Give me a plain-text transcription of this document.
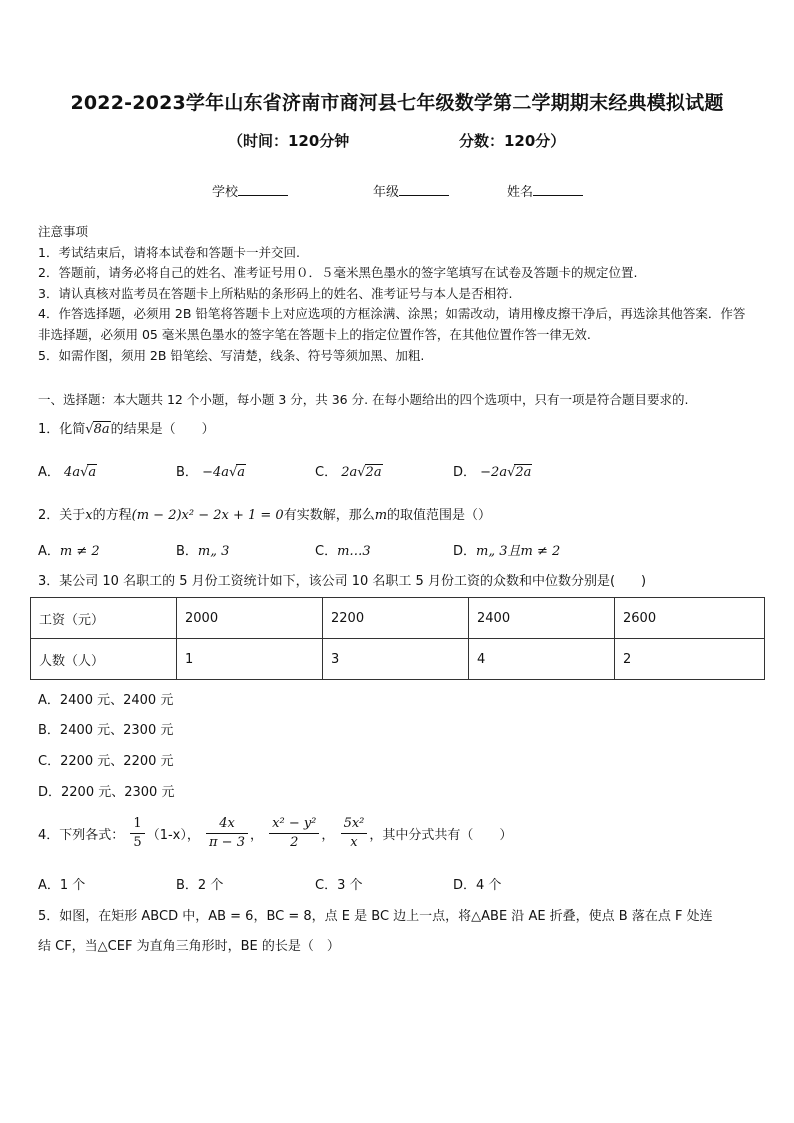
2022-2023学年山东省济南市商河县七年级数学第二学期期末经典模拟试题
（时间：120分钟	分数：120分）
学校	年级	姓名
注意事项
1．考试结束后，请将本试卷和答题卡一并交回.
2．答题前，请务必将自己的姓名、准考证号用０．５毫米黑色墨水的签字笔填写在试卷及答题卡的规定位置.
3．请认真核对监考员在答题卡上所粘贴的条形码上的姓名、准考证号与本人是否相符.
4．作答选择题，必须用 2B 铅笔将答题卡上对应选项的方框涂满、涂黑；如需改动，请用橡皮擦干净后，再选涂其他答案．作答非选择题，必须用 05 毫米黑色墨水的签字笔在答题卡上的指定位置作答，在其他位置作答一律无效.
5．如需作图，须用 2B 铅笔绘、写清楚，线条、符号等须加黑、加粗.
一、选择题：本大题共 12 个小题，每小题 3 分，共 36 分. 在每小题给出的四个选项中，只有一项是符合题目要求的.
1．化简√8a的结果是（　　）
A． 4a√a	B． −4a√a	C． 2a√2a	D． −2a√2a
2．关于x的方程(m − 2)x² − 2x + 1 = 0有实数解，那么m的取值范围是（）
A．m ≠ 2	B．m„ 3	C．m…3	D．m„ 3且m ≠ 2
3．某公司 10 名职工的 5 月份工资统计如下，该公司 10 名职工 5 月份工资的众数和中位数分别是(　　)
工资（元）	2000	2200	2400	2600
人数（人）	1	3	4	2
A．2400 元、2400 元
B．2400 元、2300 元
C．2200 元、2200 元
D．2200 元、2300 元
4．下列各式： $\frac{1}{5} (1-x)$， $\frac{4x}{\pi - 3}$ ， $\frac{\text{x² − y²}}{2}$ ， $\frac{\text{5x²}}{x}$ ，其中分式共有（　　）
A．1 个	B．2 个	C．3 个	D．4 个
5．如图，在矩形 ABCD 中，AB = 6，BC = 8，点 E 是 BC 边上一点，将△ABE 沿 AE 折叠，使点 B 落在点 F 处连
结 CF，当△CEF 为直角三角形时，BE 的长是（　）
